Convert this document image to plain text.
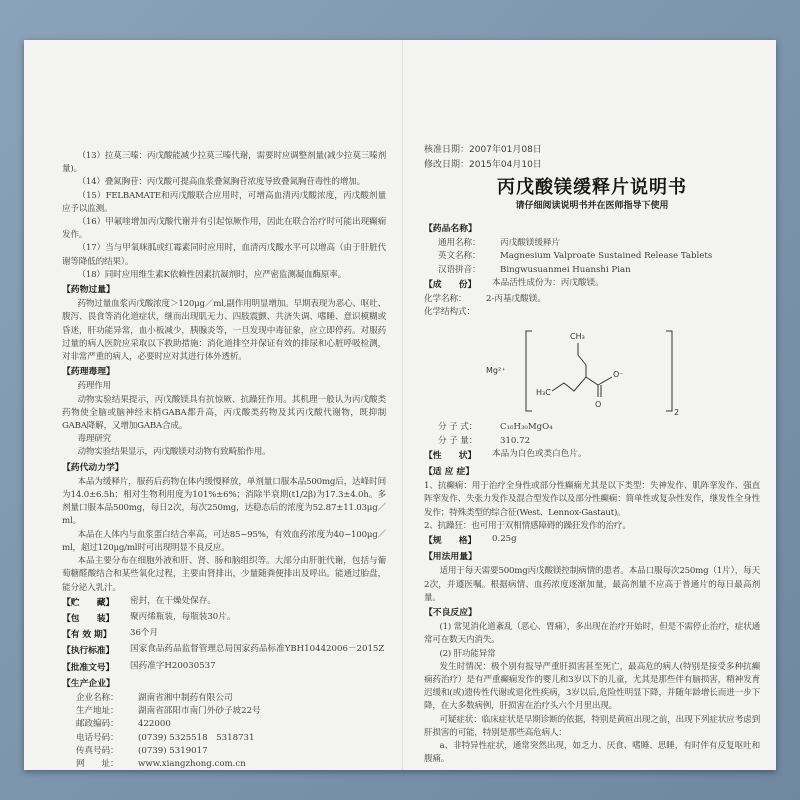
（13）拉莫三嗪：丙戊酸能减少拉莫三嗪代谢，需要时应调整剂量(减少拉莫三嗪剂量)。

（14）叠氮胸苷：丙戊酸可提高血浆叠氮胸苷浓度导致叠氮胸苷毒性的增加。

（15）FELBAMATE和丙戊酸联合应用时，可增高血清丙戊酸浓度，丙戊酸剂量应予以监测。

（16）甲氟喹增加丙戊酸代谢并有引起惊厥作用，因此在联合治疗时可能出现癫痫发作。

（17）当与甲氧咪胍或红霉素同时应用时，血清丙戊酸水平可以增高（由于肝脏代谢等降低的结果）。

（18）同时应用维生素K依赖性因素抗凝剂时，应严密监测凝血酶原率。

【药物过量】

药物过量血浆丙戊酸浓度＞120μg／ml,副作用明显增加。早期表现为恶心、呕吐、腹泻、畏食等消化道症状，继而出现肌无力、四肢震颤、共济失调、嗜睡、意识模糊或昏迷，肝功能异常，血小板减少，胰腺炎等，一旦发现中毒征象，应立即停药。对服药过量的病人医院应采取以下救助措施：消化道排空并保证有效的排尿和心脏呼吸检测，对非常严重的病人，必要时应对其进行体外透析。

【药理毒理】

药理作用

动物实验结果提示，丙戊酸镁具有抗惊厥、抗躁狂作用。其机理一般认为丙戊酸类药物使全脑或脑神经末梢GABA都升高，丙戊酸类药物及其丙戊酸代谢物，既抑制GABA降解，又增加GABA合成。

毒理研究

动物实验结果显示，丙戊酸镁对动物有致畸胎作用。

【药代动力学】

本品为缓释片，服药后药物在体内缓慢释放，单剂量口服本品500mg后，达峰时间为14.0±6.5h；相对生物利用度为101%±6%；消除半衰期(t1/2β)为17.3±4.0h。多剂量口服本品500mg，每日2次，每次250mg，达稳态后的浓度为52.87±11.03μg／ml。

本品在人体内与血浆蛋白结合率高，可达85~95%，有效血药浓度为40~100μg／ml，超过120μg/ml时可出现明显不良反应。

本品主要分布在细胞外液和肝、肾、肠和脑组织等。大部分由肝脏代谢，包括与葡萄糖醛酸结合和某些氧化过程，主要由肾排出，少量随粪便排出及呼出。能通过胎盘，能分泌入乳汁。

【贮　　藏】	密封，在干燥处保存。
【包　　装】	聚丙烯瓶装，每瓶装30片。
【有 效 期】	36个月
【执行标准】	国家食品药品监督管理总局国家药品标准YBH10442006－2015Z
【批准文号】	国药准字H20030537
【生产企业】
企业名称：	湖南省湘中制药有限公司
生产地址：	湖南省邵阳市南门外砂子坡22号
邮政编码：	422000
电话号码：	(0739) 5325518　5318731
传真号码：	(0739) 5319017
网　　址：	www.xiangzhong.com.cn

核准日期：2007年01月08日

修改日期：2015年04月10日

丙戊酸镁缓释片说明书
请仔细阅读说明书并在医师指导下使用
【药品名称】
通用名称：	丙戊酸镁缓释片
英文名称：	Magnesium Valproate Sustained Release Tablets
汉语拼音：	Bingwusuanmei Huanshi Pian
【成　　份】	本品活性成份为：丙戊酸镁。
化学名称：	2-丙基戊酸镁。
化学结构式：
Mg²⁺
2
CH₃
H₃C
O
O⁻
分 子 式：	C₁₆H₃₀MgO₄
分 子 量：	310.72
【性　　状】	本品为白色或类白色片。
【适 应 症】

1、抗癫痫：用于治疗全身性或部分性癫痫尤其是以下类型：失神发作、肌阵挛发作、强直阵挛发作、失张力发作及混合型发作以及部分性癫痫：简单性或复杂性发作，继发性全身性发作；特殊类型的综合征(West、Lennox-Gastaut)。

2、抗躁狂：也可用于双相情感障碍的躁狂发作的治疗。

【规　　格】	0.25g
【用法用量】

适用于每天需要500mg丙戊酸镁控制病情的患者。本品口服每次250mg（1片），每天2次，并遵医嘱。根据病情、血药浓度逐渐加量，最高剂量不应高于普通片的每日最高剂量。

【不良反应】

(1) 常见消化道紊乱（恶心、胃痛），多出现在治疗开始时，但是不需停止治疗，症状通常可在数天内消失。

(2) 肝功能异常

发生时情况：极个别有报导严重肝损害甚至死亡，最高危的病人(特别是接受多种抗癫痫药治疗）是有严重癫痫发作的婴儿和3岁以下的儿童，尤其是那些伴有脑损害，精神发育迟缓和(或)遗传性代谢或退化性疾病，3岁以后,危险性明显下降，并随年龄增长而进一步下降，在大多数病例，肝损害在治疗头六个月里出现。

可疑症状：临床症状是早期诊断的依据，特别是黄疸出现之前，出现下列症状应考虑到肝损害的可能，特别是那些高危病人：

a、非特异性症状，通常突然出现，如乏力、厌食、嗜睡、思睡，有时伴有反复呕吐和腹痛。
